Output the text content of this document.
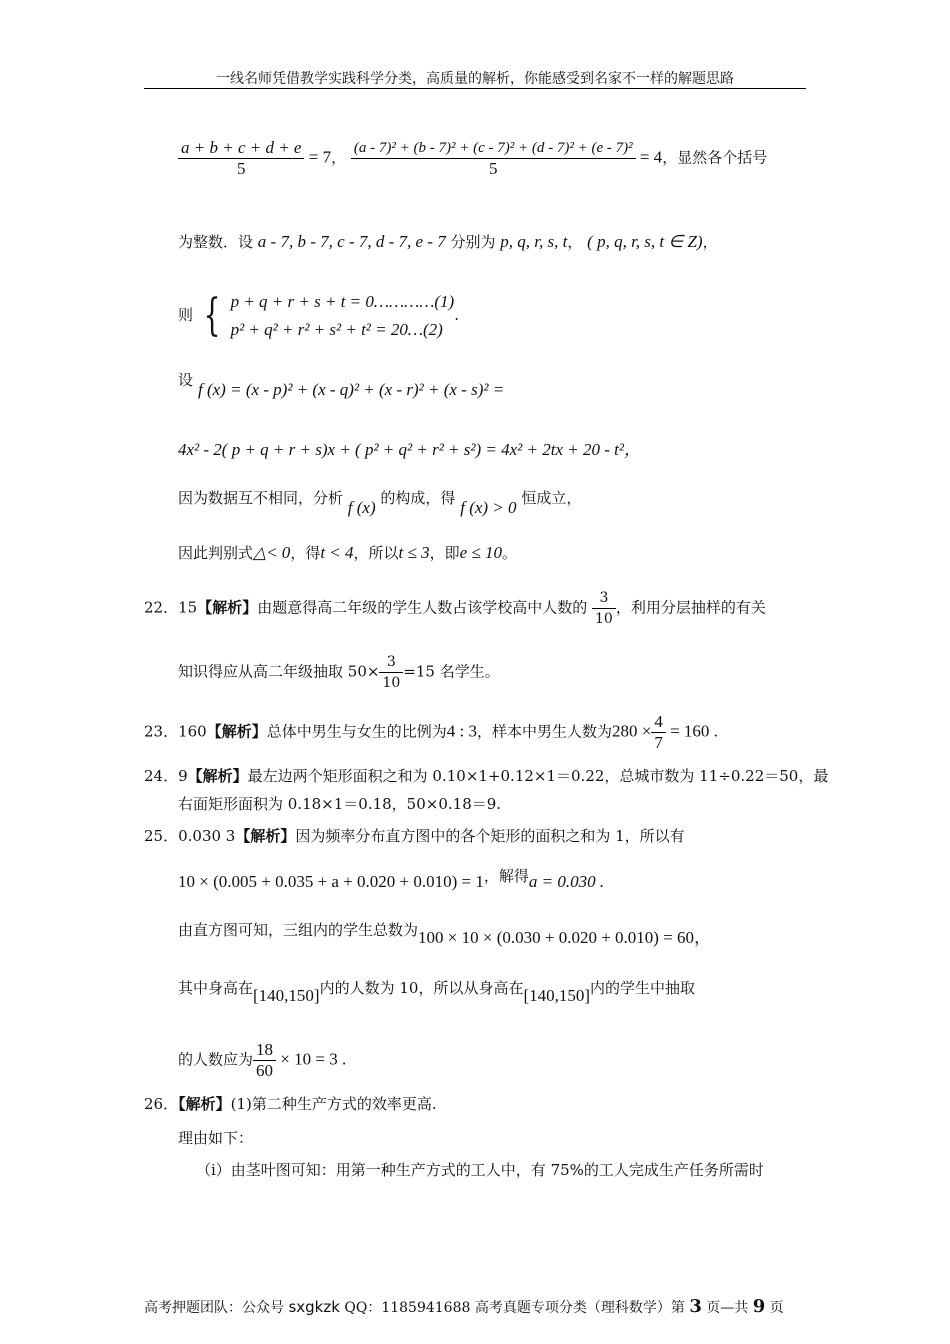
一线名师凭借教学实践科学分类，高质量的解析，你能感受到名家不一样的解题思路
$\frac{a + b + c + d + e}{5} = 7$， $\frac{\text{(a - 7)² + (b - 7)² + (c - 7)² + (d - 7)² + (e - 7)²}}{5} = 4$，显然各个括号
为整数．设 a - 7, b - 7, c - 7, d - 7, e - 7 分别为 p, q, r, s, t， ( p, q, r, s, t ∈ Z)，
则 { p + q + r + s + t = 0…………(1)
p² + q² + r² + s² + t² = 20…(2)
.
设 f (x) = (x - p)² + (x - q)² + (x - r)² + (x - s)² =
4x² - 2( p + q + r + s)x + ( p² + q² + r² + s²) = 4x² + 2tx + 20 - t²，
因为数据互不相同，分析 f (x) 的构成，得 f (x) > 0 恒成立，
因此判别式△< 0，得t < 4，所以t ≤ 3，即e ≤ 10。
22．15【解析】由题意得高二年级的学生人数占该学校高中人数的 $\frac{3}{10}$ ，利用分层抽样的有关
知识得应从高二年级抽取 $50\times \frac{3}{10} =15$ 名学生。
23．160【解析】总体中男生与女生的比例为4 : 3，样本中男生人数为$280 \times \frac{4}{7} = 160$ .
24．9【解析】最左边两个矩形面积之和为 0.10×1+0.12×1＝0.22，总城市数为 11÷0.22＝50，最
右面矩形面积为 0.18×1＝0.18，50×0.18＝9.
25．0.030 3【解析】因为频率分布直方图中的各个矩形的面积之和为 1，所以有
10 × (0.005 + 0.035 + a + 0.020 + 0.010) = 1，解得a = 0.030 .
由直方图可知，三组内的学生总数为100 × 10 × (0.030 + 0.020 + 0.010) = 60，
其中身高在[140,150]内的人数为 10，所以从身高在[140,150]内的学生中抽取
的人数应为 $\frac{18}{60} \times 10 = 3$ .
26．【解析】(1)第二种生产方式的效率更高.
理由如下：
（i）由茎叶图可知：用第一种生产方式的工人中，有 75%的工人完成生产任务所需时
高考押题团队：公众号 sxgkzk QQ：1185941688 高考真题专项分类（理科数学）第 3 页—共 9 页
